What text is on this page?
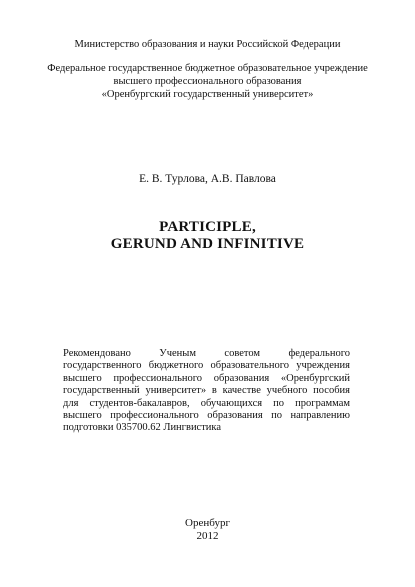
Министерство образования и науки Российской Федерации
Федеральное государственное бюджетное образовательное учреждение
высшего профессионального образования
«Оренбургский государственный университет»
Е. В. Турлова, А.В. Павлова
PARTICIPLE,
GERUND AND INFINITIVE
Рекомендовано Ученым советом федерального государственного бюджетного образовательного учреждения высшего профессионального образования «Оренбургский государственный университет» в качестве учебного пособия для студентов-бакалавров, обучающихся по программам высшего профессионального образования по направлению подготовки 035700.62 Лингвистика
Оренбург
2012
